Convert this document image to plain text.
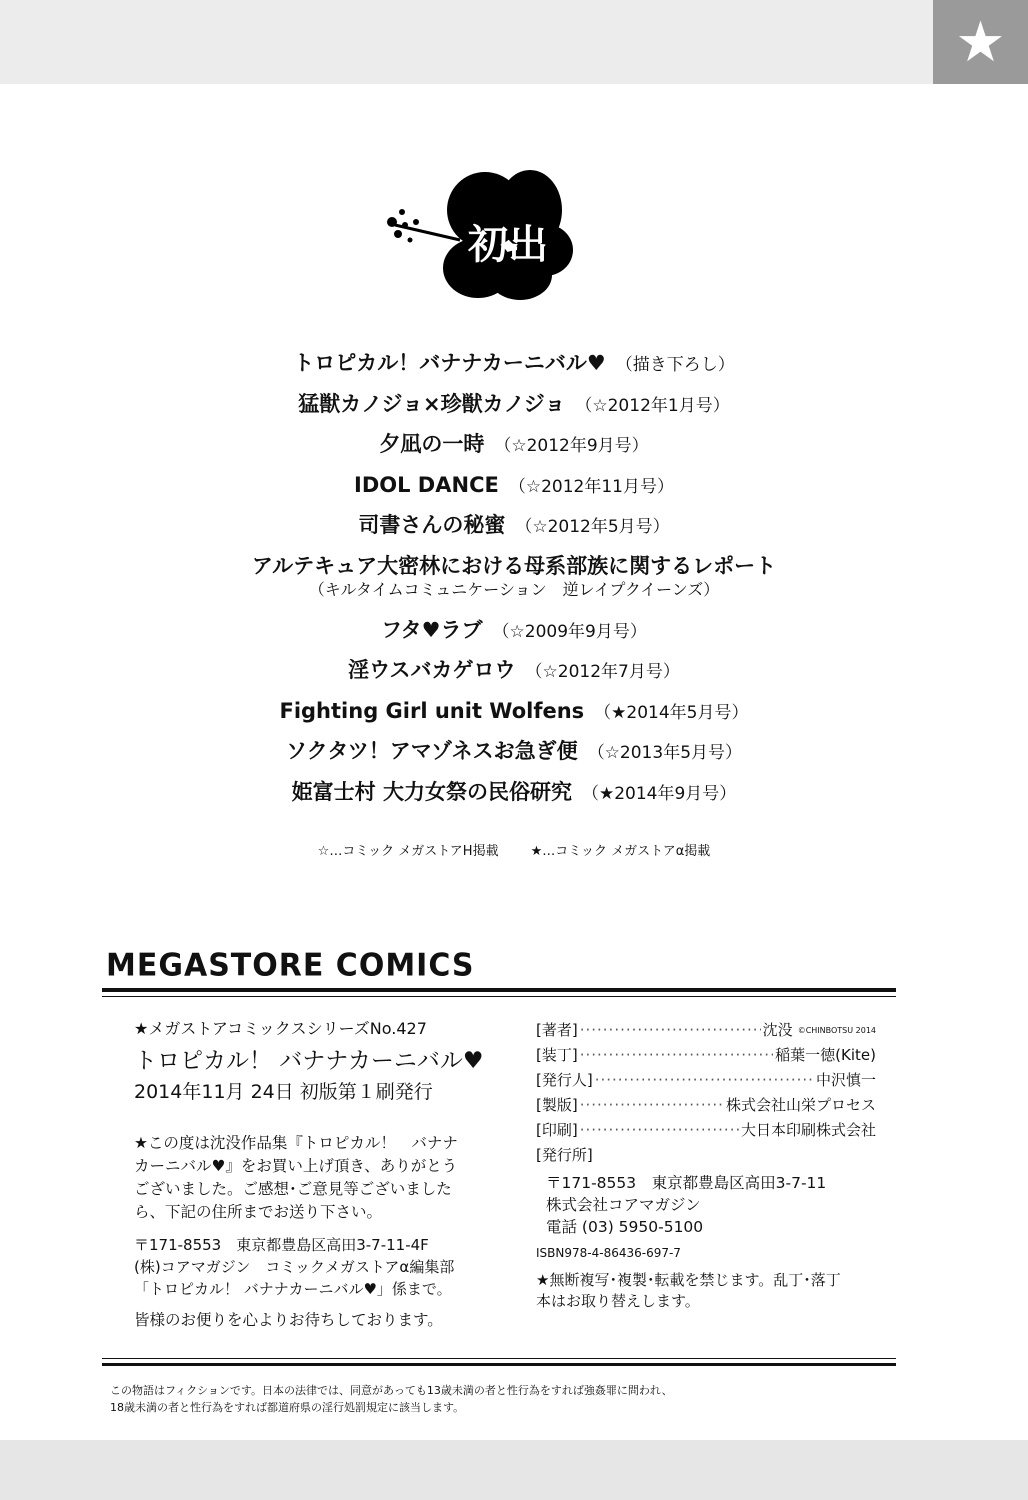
★
初出
トロピカル！バナナカーニバル♥ （描き下ろし）
猛獣カノジョ×珍獣カノジョ （☆2012年1月号）
夕凪の一時 （☆2012年9月号）
IDOL DANCE （☆2012年11月号）
司書さんの秘蜜 （☆2012年5月号）
アルテキュア大密林における母系部族に関するレポート
（キルタイムコミュニケーション　逆レイプクイーンズ）
フタ♥ラブ （☆2009年9月号）
淫ウスバカゲロウ （☆2012年7月号）
Fighting Girl unit Wolfens （★2014年5月号）
ソクタツ！アマゾネスお急ぎ便 （☆2013年5月号）
姫富士村 大力女祭の民俗研究 （★2014年9月号）
☆…コミック メガストアH掲載 ★…コミック メガストアα掲載
MEGASTORE COMICS
★メガストアコミックスシリーズNo.427
トロピカル！ バナナカーニバル♥
2014年11月 24日 初版第１刷発行
★この度は沈没作品集『トロピカル！　バナナ
カーニバル♥』をお買い上げ頂き、ありがとう
ございました。ご感想･ご意見等ございました
ら、下記の住所までお送り下さい。
〒171-8553　東京都豊島区高田3-7-11-4F
(株)コアマガジン　コミックメガストアα編集部
「トロピカル！ バナナカーニバル♥」係まで。
皆様のお便りを心よりお待ちしております。
[著者] ·····	沈没 ©CHINBOTSU 2014
[装丁] ·····	稲葉一徳(Kite)
[発行人] ·····	中沢慎一
[製版] ·····	株式会社山栄プロセス
[印刷] ·····	大日本印刷株式会社
[発行所]
〒171-8553　東京都豊島区高田3-7-11
株式会社コアマガジン
電話 (03) 5950-5100
ISBN978-4-86436-697-7
★無断複写･複製･転載を禁じます。乱丁･落丁
本はお取り替えします。
この物語はフィクションです。日本の法律では、同意があっても13歳未満の者と性行為をすれば強姦罪に問われ、
18歳未満の者と性行為をすれば都道府県の淫行処罰規定に該当します。
